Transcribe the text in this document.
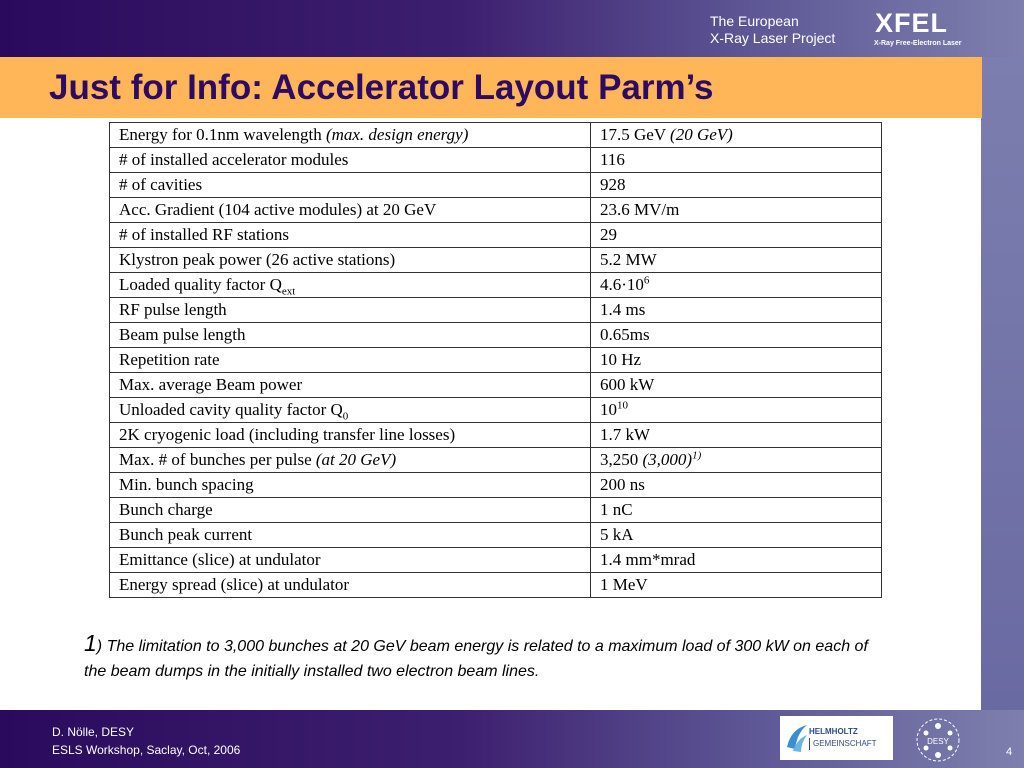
The European
X-Ray Laser Project XFEL
X-Ray Free-Electron Laser
Just for Info: Accelerator Layout Parm’s
Energy for 0.1nm wavelength (max. design energy)	17.5 GeV (20 GeV)
# of installed accelerator modules	116
# of cavities	928
Acc. Gradient (104 active modules) at 20 GeV	23.6 MV/m
# of installed RF stations	29
Klystron peak power (26 active stations)	5.2 MW
Loaded quality factor $Q_{ext}$	$4.6\cdot 10^6$
RF pulse length	1.4 ms
Beam pulse length	0.65ms
Repetition rate	10 Hz
Max. average Beam power	600 kW
Unloaded cavity quality factor $Q_0$	$10^{10}$
2K cryogenic load (including transfer line losses)	1.7 kW
Max. # of bunches per pulse (at 20 GeV)	3,250 $(3,000)^{1)}$
Min. bunch spacing	200 ns
Bunch charge	1 nC
Bunch peak current	5 kA
Emittance (slice) at undulator	1.4 mm*mrad
Energy spread (slice) at undulator	1 MeV
1) The limitation to 3,000 bunches at 20 GeV beam energy is related to a maximum load of 300 kW on each of the beam dumps in the initially installed two electron beam lines.
D. Nölle, DESY
ESLS Workshop, Saclay, Oct, 2006
HELMHOLTZ
GEMEINSCHAFT	DESY
4
